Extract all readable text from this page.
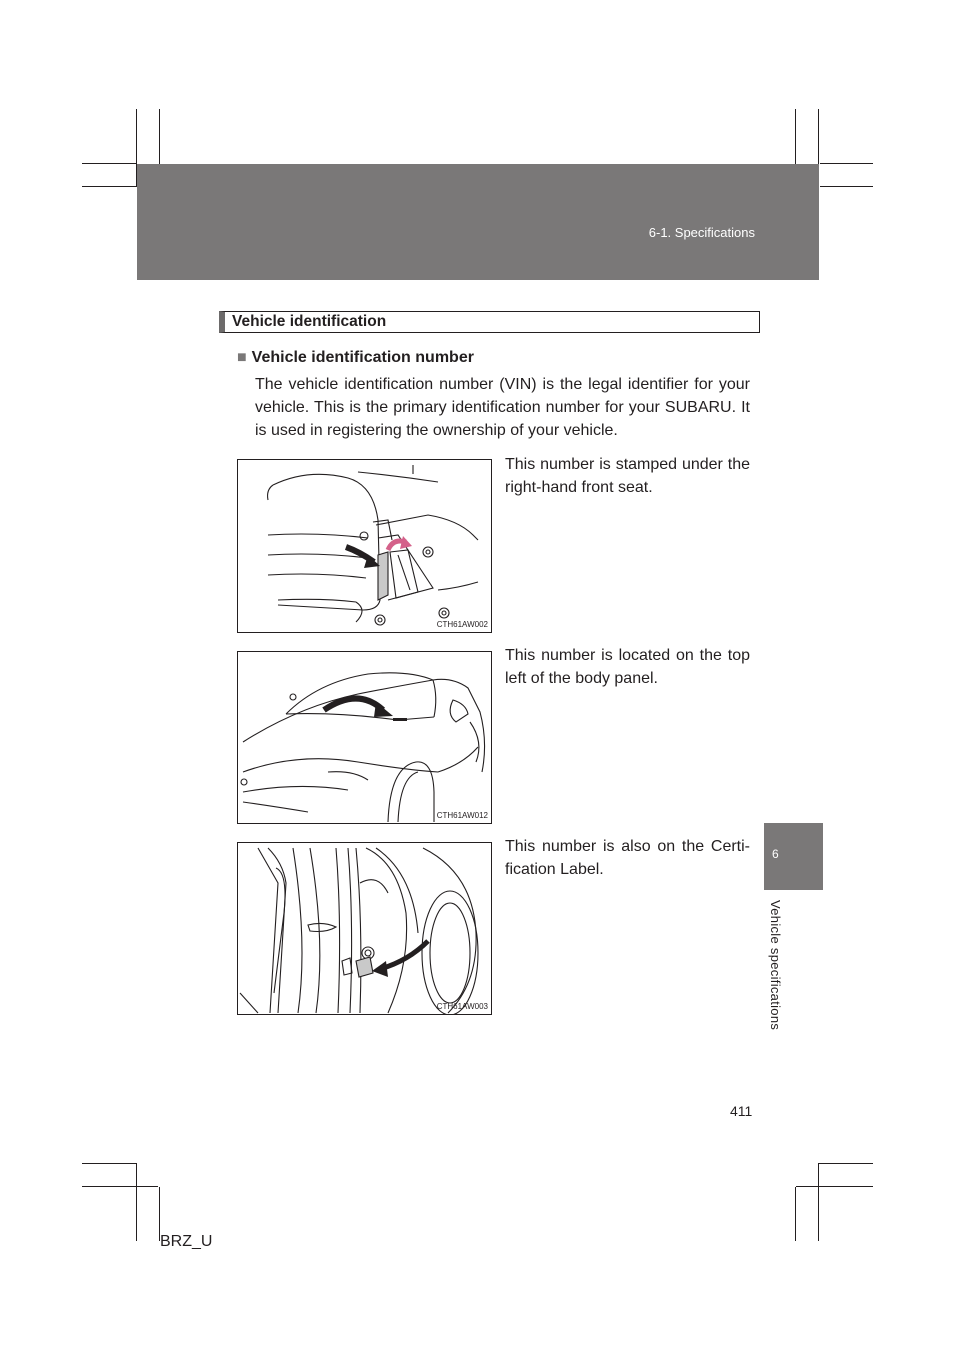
6-1. Specifications
Vehicle identification
■ Vehicle identification number
The vehicle identification number (VIN) is the legal identifier for your vehicle. This is the primary identification number for your SUBARU. It is used in registering the ownership of your vehicle.
CTH61AW002
This number is stamped under the right-hand front seat.
CTH61AW012
This number is located on the top left of the body panel.
CTH61AW003
This number is also on the Certi-fication Label.
6
Vehicle specifications
411
BRZ_U
